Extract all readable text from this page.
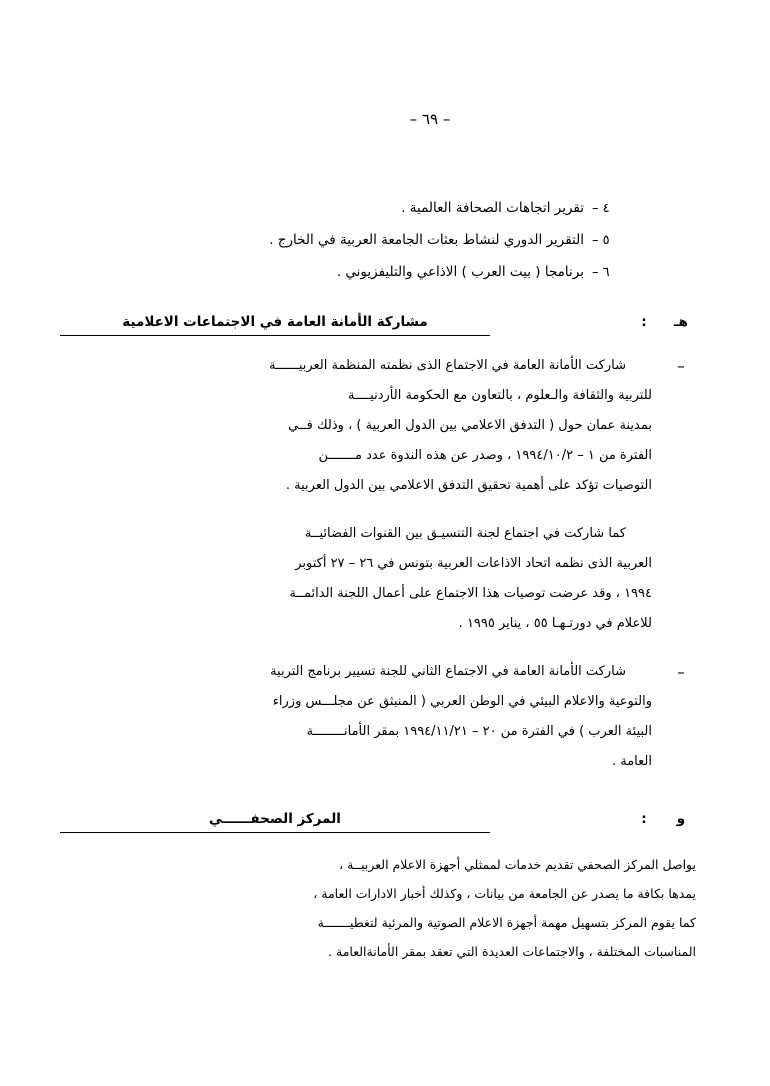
– ٦٩ –
٤ –
تقرير اتجاهات الصحافة العالمية .
٥ –
التقرير الدوري لنشاط بعثات الجامعة العربية في الخارج .
٦ –
برنامجا ( بيت العرب ) الاذاعي والتليفزيوني .
هـ
:
مشاركة الأمانة العامة في الاجتماعات الاعلامية
–
شاركت الأمانة العامة في الاجتماع الذى نظمته المنظمة العربيــــــة
للتربية والثقافة والـعلوم ، بالتعاون مع الحكومة الأردنيــــة
بمدينة عمان حول ( التدفق الاعلامي بين الدول العربية ) ، وذلك فــي
الفترة من ١ – ١٩٩٤/١٠/٢ ، وصدر عن هذه الندوة عدد مـــــــن
التوصيات تؤكد على أهمية تحقيق التدفق الاعلامي بين الدول العربية .
كما شاركت في اجتماع لجنة التنسيـق بين القنوات الفضائيــة
العربية الذى نظمه اتحاد الاذاعات العربية بتونس في ٢٦ – ٢٧ أكتوبر
١٩٩٤ ، وقد عرضت توصيات هذا الاجتماع على أعمال اللجنة الدائمــة
للاعلام في دورتـهـا ٥٥ ، يناير ١٩٩٥ .
–
شاركت الأمانة العامة في الاجتماع الثاني للجنة تسيير برنامج التربية
والتوعية والاعلام البيئي في الوطن العربي ( المنبثق عن مجلـــس وزراء
البيئة العرب ) في الفترة من ٢٠ – ١٩٩٤/١١/٢١ بمقر الأمانــــــــة
العامة .
و
:
المركز الصحفــــــي
يواصل المركز الصحفي تقديم خدمات لممثلي أجهزة الاعلام العربيــة ،
يمدها بكافة ما يصدر عن الجامعة من بيانات ، وكذلك أخبار الادارات العامة ،
كما يقوم المركز بتسهيل مهمة أجهزة الاعلام الصوتية والمرئية لتغطيـــــــة
المناسبات المختلفة ، والاجتماعات العديدة التي تعقد بمقر الأمانةالعامة .
